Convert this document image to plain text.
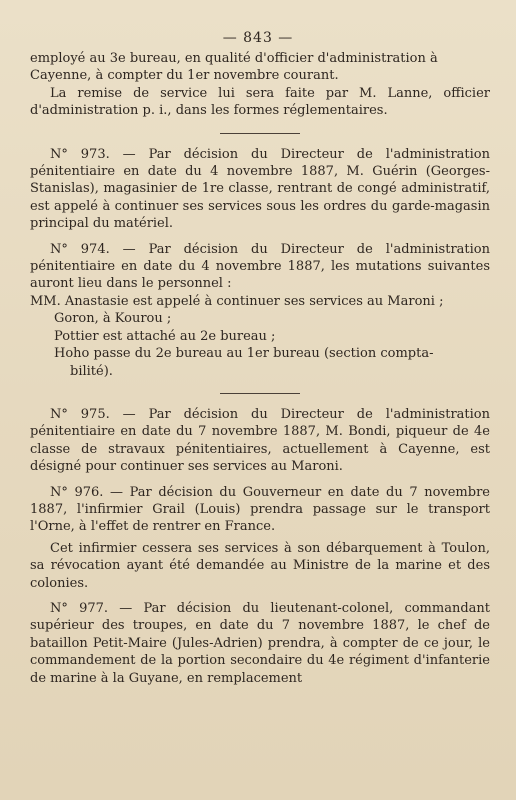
— 843 —

employé au 3e bureau, en qualité d'officier d'administration à

Cayenne, à compter du 1er novembre courant.

La remise de service lui sera faite par M. Lanne, officier d'administration p. i., dans les formes réglementaires.

N° 973. — Par décision du Directeur de l'administration pénitentiaire en date du 4 novembre 1887, M. Guérin (Georges-Stanislas), magasinier de 1re classe, rentrant de congé administratif, est appelé à continuer ses services sous les ordres du garde-magasin principal du matériel.

N° 974. — Par décision du Directeur de l'administration pénitentiaire en date du 4 novembre 1887, les mutations suivantes auront lieu dans le personnel :

MM. Anastasie est appelé à continuer ses services au Maroni ;
Goron, à Kourou ;
Pottier est attaché au 2e bureau ;
Hoho passe du 2e bureau au 1er bureau (section compta-
bilité).

N° 975. — Par décision du Directeur de l'administration pénitentiaire en date du 7 novembre 1887, M. Bondi, piqueur de 4e classe de stravaux pénitentiaires, actuellement à Cayenne, est désigné pour continuer ses services au Maroni.

N° 976. — Par décision du Gouverneur en date du 7 novembre 1887, l'infirmier Grail (Louis) prendra passage sur le transport l'Orne, à l'effet de rentrer en France.

Cet infirmier cessera ses services à son débarquement à Toulon, sa révocation ayant été demandée au Ministre de la marine et des colonies.

N° 977. — Par décision du lieutenant-colonel, commandant supérieur des troupes, en date du 7 novembre 1887, le chef de bataillon Petit-Maire (Jules-Adrien) prendra, à compter de ce jour, le commandement de la portion secondaire du 4e régiment d'infanterie de marine à la Guyane, en remplacement
